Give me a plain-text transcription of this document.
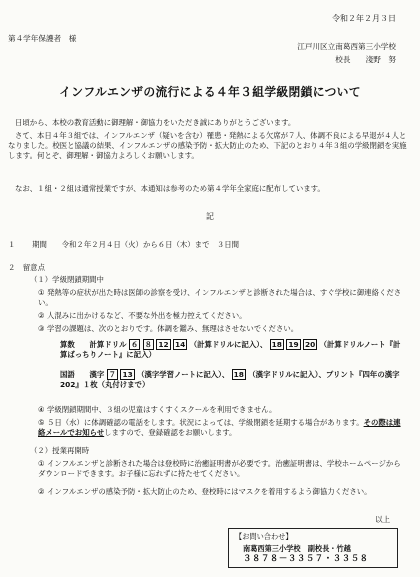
令和２年２月３日
第４学年保護者　様
江戸川区立南葛西第三小学校
校長　　淺野　努
インフルエンザの流行による４年３組学級閉鎖について
日頃から、本校の教育活動に御理解・御協力をいただき誠にありがとうございます。
さて、本日４年３組では、インフルエンザ（疑いを含む）罹患・発熱による欠席が７人、体調不良による早退が４人となりました。校医と協議の結果、インフルエンザの感染予防・拡大防止のため、下記のとおり４年３組の学級閉鎖を実施します。何とぞ、御理解・御協力よろしくお願いします。
なお、１組・２組は通常授業ですが、本通知は参考のため第４学年全家庭に配布しています。
記
１ 期間 令和２年２月４日（火）から６日（木）まで　３日間
２　留意点
（１）学級閉鎖期間中
① 発熱等の症状が出た時は医師の診察を受け、インフルエンザと診断された場合は、すぐ学校に御連絡ください。
② 人混みに出かけるなど、不要な外出を極力控えてください。
③ 学習の課題は、次のとおりです。体調を鑑み、無理はさせないでください。
算数 計算ドリル ６ ８ 12 14 （計算ドリルに記入）、 18 19 20 （計算ドリルノート『計算ばっちりノート』に記入）
国語 漢字 ７ 13 （漢字学習ノートに記入）、 18 （漢字ドリルに記入）、プリント『四年の漢字 202』１枚（丸付けまで）
④ 学級閉鎖期間中、３組の児童はすくすくスクールを利用できません。
⑤ ５日（水）に体調確認の電話をします。状況によっては、学級閉鎖を延期する場合があります。その際は連絡メールでお知らせしますので、登録確認をお願いします。
（２）授業再開時
① インフルエンザと診断された場合は登校時に治癒証明書が必要です。治癒証明書は、学校ホームページからダウンロードできます。お子様に忘れずに持たせてください。
② インフルエンザの感染予防・拡大防止のため、登校時にはマスクを着用するよう御協力ください。
以上
【お問い合わせ】
南葛西第三小学校　副校長・竹越
３８７８－３３５７・３３５８
